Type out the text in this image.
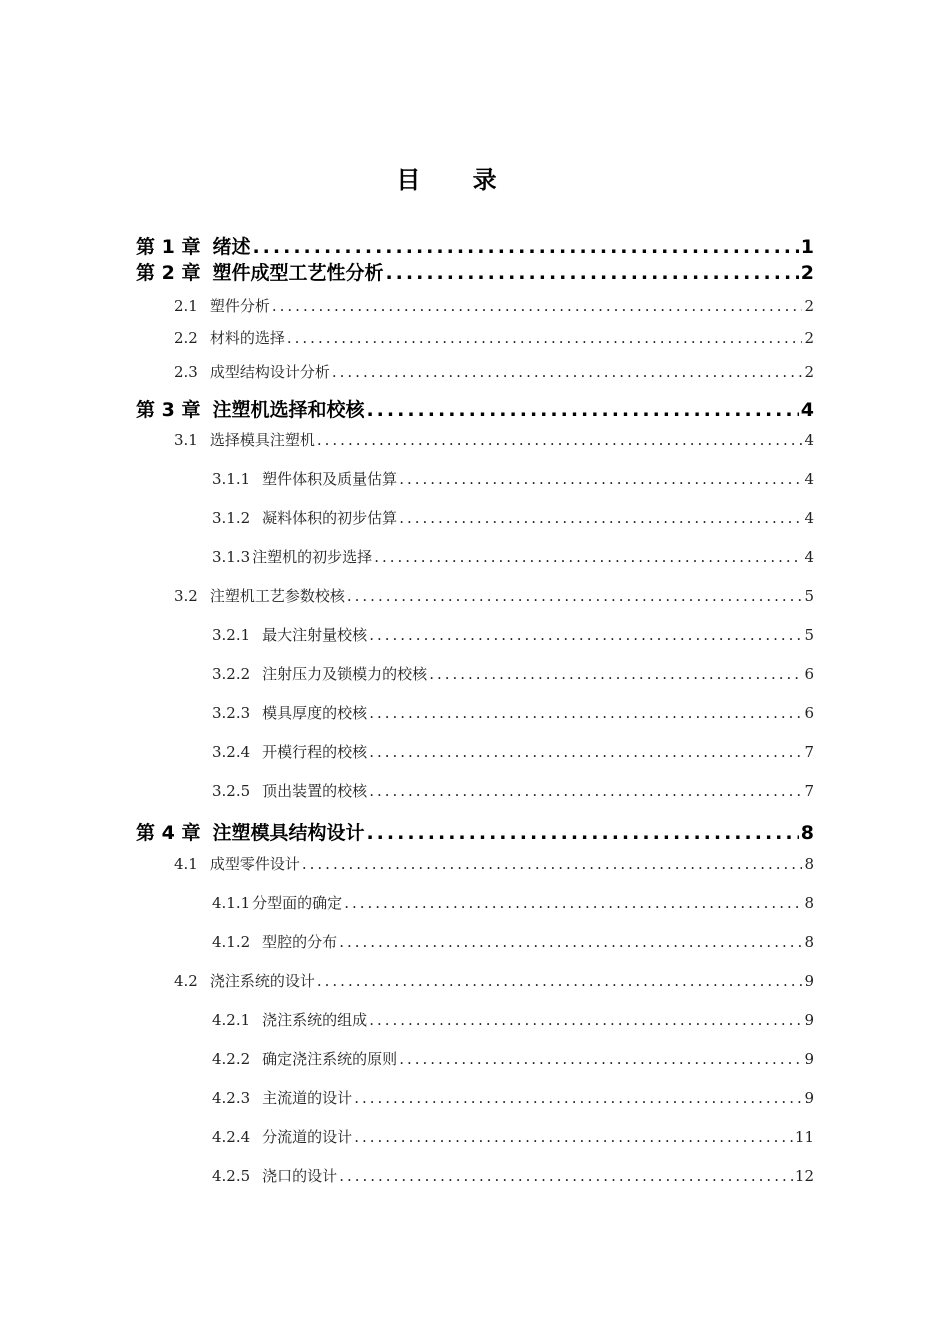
目 录
第 1 章 绪述 .....	1
第 2 章 塑件成型工艺性分析 .....	2
2.1 塑件分析 .....	2
2.2 材料的选择 .....	2
2.3 成型结构设计分析 .....	2
第 3 章 注塑机选择和校核 .....	4
3.1 选择模具注塑机 .....	4
3.1.1 塑件体积及质量估算 .....	4
3.1.2 凝料体积的初步估算 .....	4
3.1.3 注塑机的初步选择 .....	4
3.2 注塑机工艺参数校核 .....	5
3.2.1 最大注射量校核 .....	5
3.2.2 注射压力及锁模力的校核 .....	6
3.2.3 模具厚度的校核 .....	6
3.2.4 开模行程的校核 .....	7
3.2.5 顶出装置的校核 .....	7
第 4 章 注塑模具结构设计 .....	8
4.1 成型零件设计 .....	8
4.1.1 分型面的确定 .....	8
4.1.2 型腔的分布 .....	8
4.2 浇注系统的设计 .....	9
4.2.1 浇注系统的组成 .....	9
4.2.2 确定浇注系统的原则 .....	9
4.2.3 主流道的设计 .....	9
4.2.4 分流道的设计 .....	11
4.2.5 浇口的设计 .....	12
